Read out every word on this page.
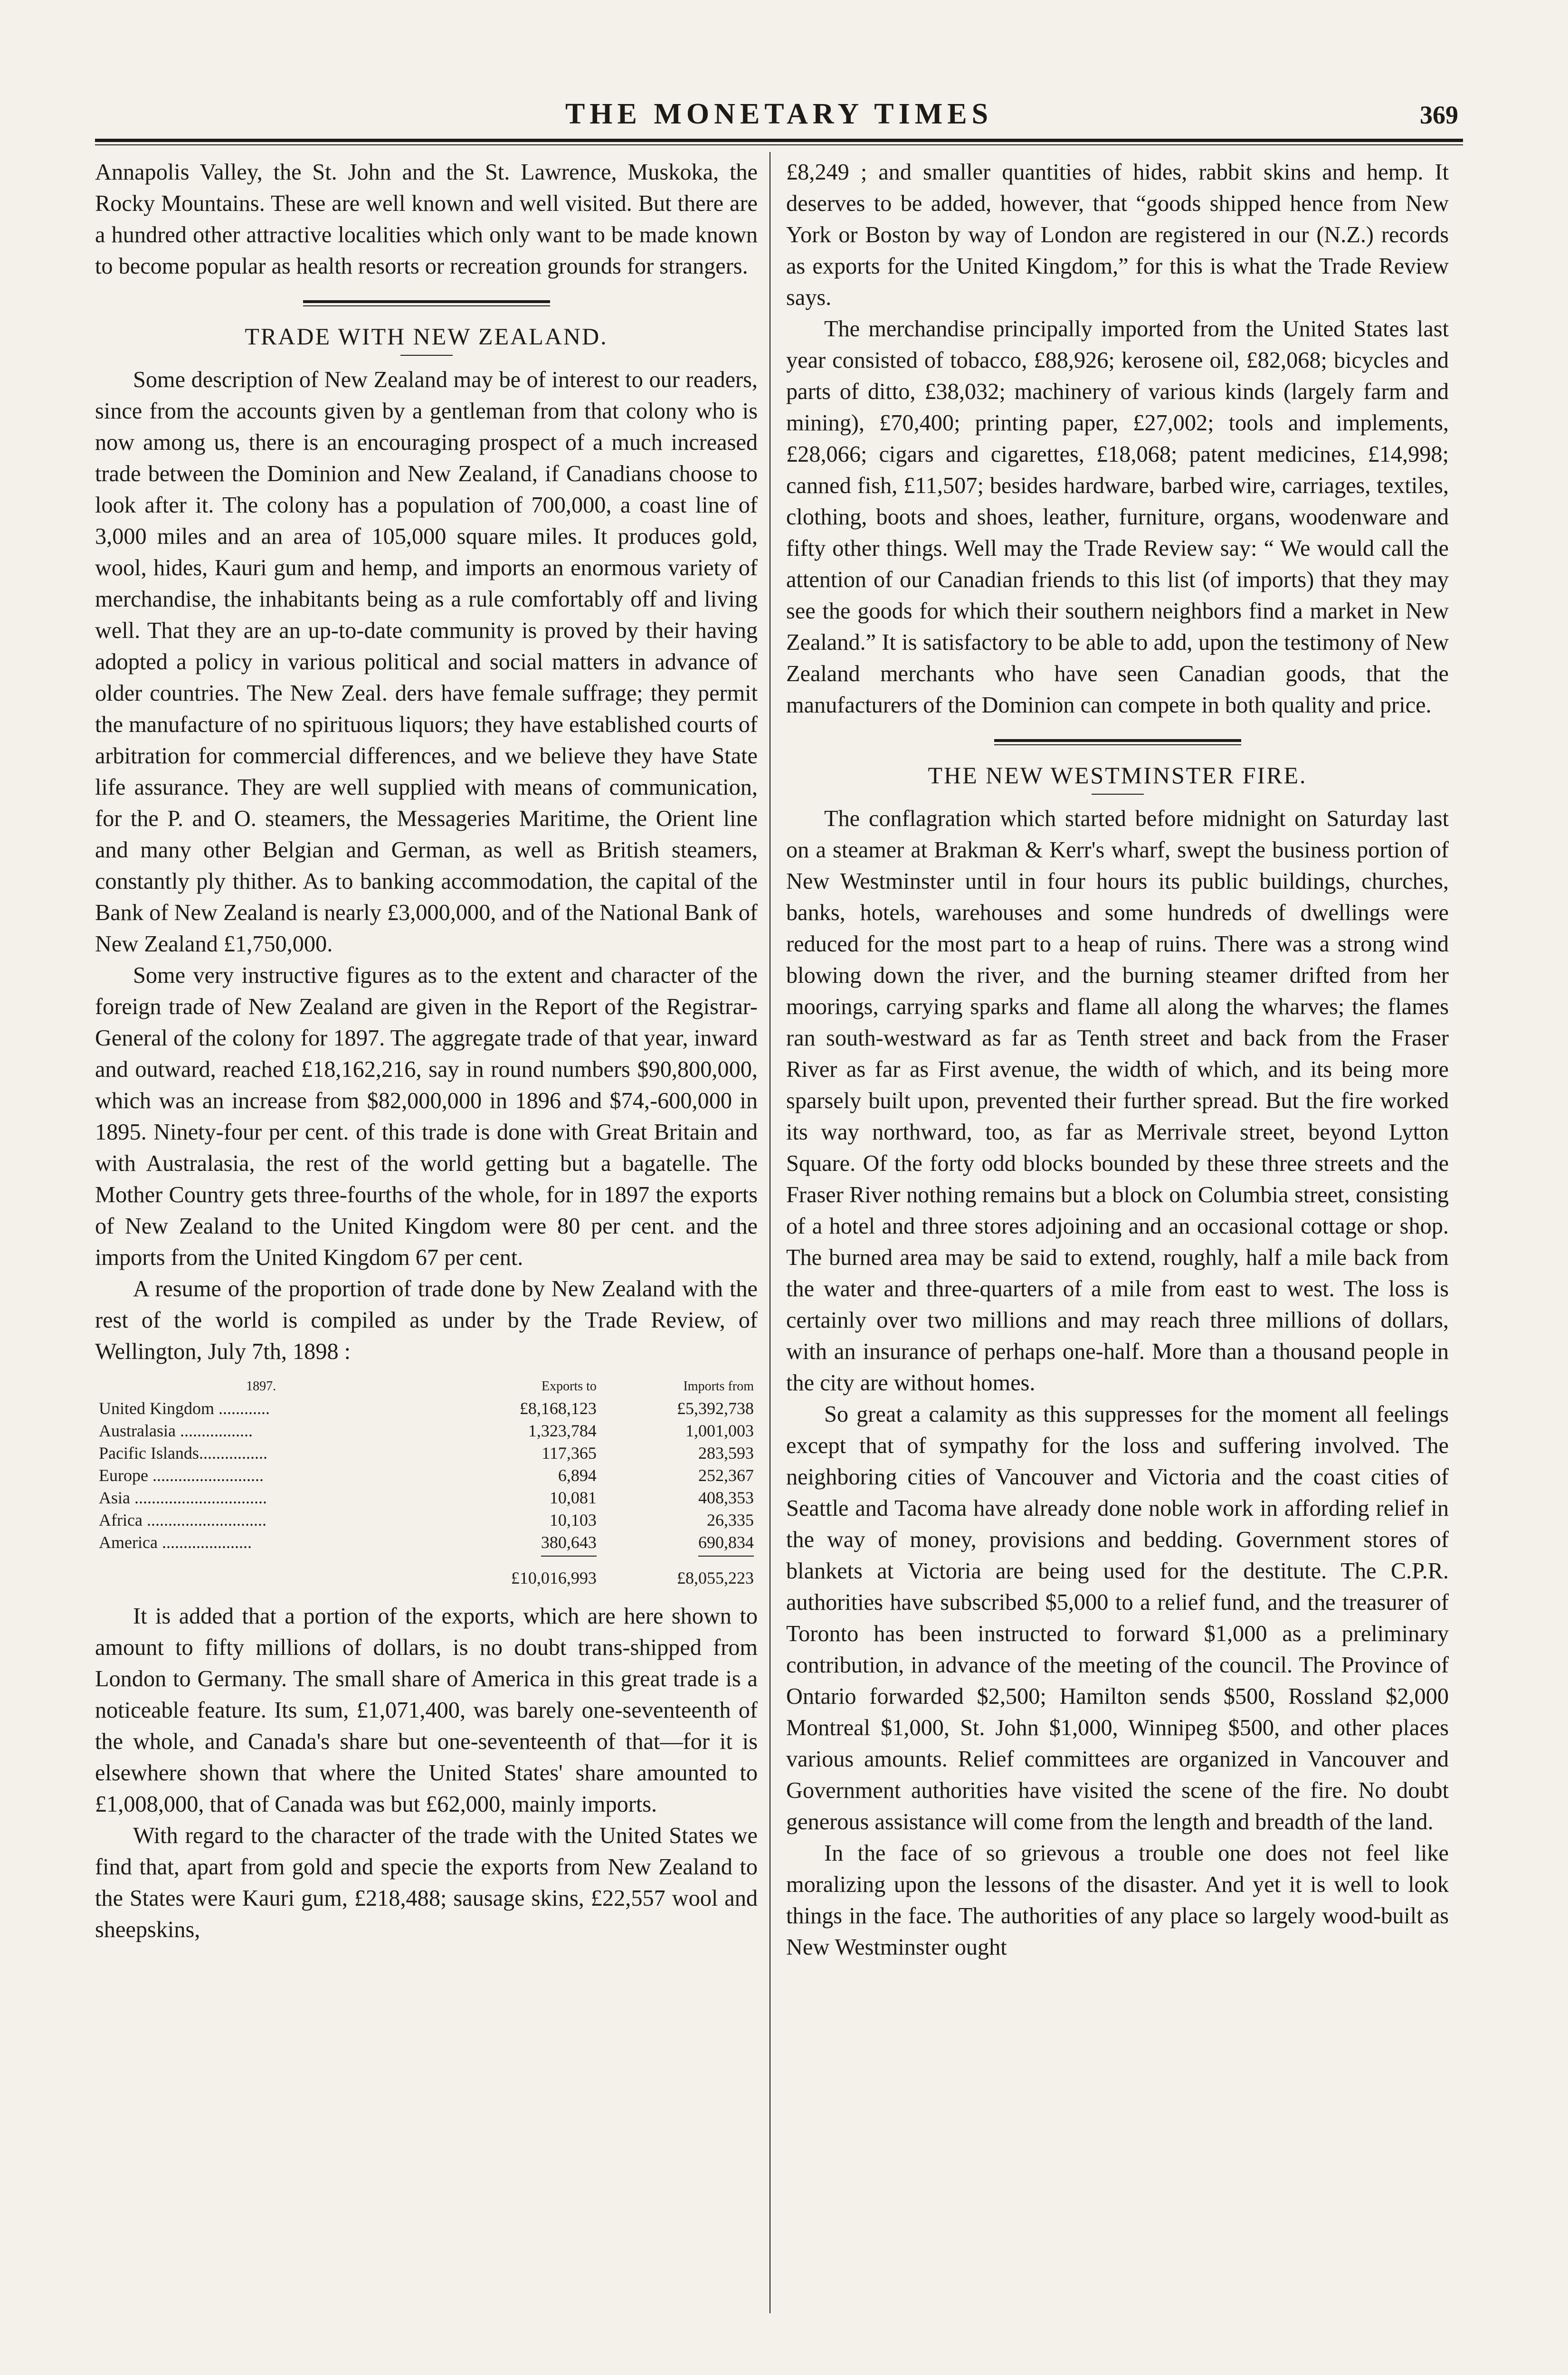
THE MONETARY TIMES	369

Annapolis Valley, the St. John and the St. Lawrence, Muskoka, the Rocky Mountains. These are well known and well visited. But there are a hundred other attractive localities which only want to be made known to become popular as health resorts or recreation grounds for strangers.

TRADE WITH NEW ZEALAND.

Some description of New Zealand may be of interest to our readers, since from the accounts given by a gentleman from that colony who is now among us, there is an encouraging prospect of a much increased trade between the Dominion and New Zealand, if Canadians choose to look after it. The colony has a population of 700,000, a coast line of 3,000 miles and an area of 105,000 square miles. It produces gold, wool, hides, Kauri gum and hemp, and imports an enormous variety of merchandise, the inhabitants being as a rule comfortably off and living well. That they are an up-to-date community is proved by their having adopted a policy in various political and social matters in advance of older countries. The New Zeal. ders have female suffrage; they permit the manufacture of no spirituous liquors; they have established courts of arbitration for commercial differences, and we believe they have State life assurance. They are well supplied with means of communication, for the P. and O. steamers, the Messageries Maritime, the Orient line and many other Belgian and German, as well as British steamers, constantly ply thither. As to banking accommodation, the capital of the Bank of New Zealand is nearly £3,000,000, and of the National Bank of New Zealand £1,750,000.

Some very instructive figures as to the extent and character of the foreign trade of New Zealand are given in the Report of the Registrar-General of the colony for 1897. The aggregate trade of that year, inward and outward, reached £18,162,216, say in round numbers $90,800,000, which was an increase from $82,000,000 in 1896 and $74,-600,000 in 1895. Ninety-four per cent. of this trade is done with Great Britain and with Australasia, the rest of the world getting but a bagatelle. The Mother Country gets three-fourths of the whole, for in 1897 the exports of New Zealand to the United Kingdom were 80 per cent. and the imports from the United Kingdom 67 per cent.

A resume of the proportion of trade done by New Zealand with the rest of the world is compiled as under by the Trade Review, of Wellington, July 7th, 1898 :

1897.	Exports to	Imports from
United Kingdom ............	£8,168,123	£5,392,738
Australasia .................	1,323,784	1,001,003
Pacific Islands................	117,365	283,593
Europe ..........................	6,894	252,367
Asia ...............................	10,081	408,353
Africa ............................	10,103	26,335
America .....................	380,643	690,834
	£10,016,993	£8,055,223

It is added that a portion of the exports, which are here shown to amount to fifty millions of dollars, is no doubt trans-shipped from London to Germany. The small share of America in this great trade is a noticeable feature. Its sum, £1,071,400, was barely one-seventeenth of the whole, and Canada's share but one-seventeenth of that—for it is elsewhere shown that where the United States' share amounted to £1,008,000, that of Canada was but £62,000, mainly imports.

With regard to the character of the trade with the United States we find that, apart from gold and specie the exports from New Zealand to the States were Kauri gum, £218,488; sausage skins, £22,557 wool and sheepskins,

£8,249 ; and smaller quantities of hides, rabbit skins and hemp. It deserves to be added, however, that “goods shipped hence from New York or Boston by way of London are registered in our (N.Z.) records as exports for the United Kingdom,” for this is what the Trade Review says.

The merchandise principally imported from the United States last year consisted of tobacco, £88,926; kerosene oil, £82,068; bicycles and parts of ditto, £38,032; machinery of various kinds (largely farm and mining), £70,400; printing paper, £27,002; tools and implements, £28,066; cigars and cigarettes, £18,068; patent medicines, £14,998; canned fish, £11,507; besides hardware, barbed wire, carriages, textiles, clothing, boots and shoes, leather, furniture, organs, woodenware and fifty other things. Well may the Trade Review say: “ We would call the attention of our Canadian friends to this list (of imports) that they may see the goods for which their southern neighbors find a market in New Zealand.” It is satisfactory to be able to add, upon the testimony of New Zealand merchants who have seen Canadian goods, that the manufacturers of the Dominion can compete in both quality and price.

THE NEW WESTMINSTER FIRE.

The conflagration which started before midnight on Saturday last on a steamer at Brakman & Kerr's wharf, swept the business portion of New Westminster until in four hours its public buildings, churches, banks, hotels, warehouses and some hundreds of dwellings were reduced for the most part to a heap of ruins. There was a strong wind blowing down the river, and the burning steamer drifted from her moorings, carrying sparks and flame all along the wharves; the flames ran south-westward as far as Tenth street and back from the Fraser River as far as First avenue, the width of which, and its being more sparsely built upon, prevented their further spread. But the fire worked its way northward, too, as far as Merrivale street, beyond Lytton Square. Of the forty odd blocks bounded by these three streets and the Fraser River nothing remains but a block on Columbia street, consisting of a hotel and three stores adjoining and an occasional cottage or shop. The burned area may be said to extend, roughly, half a mile back from the water and three-quarters of a mile from east to west. The loss is certainly over two millions and may reach three millions of dollars, with an insurance of perhaps one-half. More than a thousand people in the city are without homes.

So great a calamity as this suppresses for the moment all feelings except that of sympathy for the loss and suffering involved. The neighboring cities of Vancouver and Victoria and the coast cities of Seattle and Tacoma have already done noble work in affording relief in the way of money, provisions and bedding. Government stores of blankets at Victoria are being used for the destitute. The C.P.R. authorities have subscribed $5,000 to a relief fund, and the treasurer of Toronto has been instructed to forward $1,000 as a preliminary contribution, in advance of the meeting of the council. The Province of Ontario forwarded $2,500; Hamilton sends $500, Rossland $2,000 Montreal $1,000, St. John $1,000, Winnipeg $500, and other places various amounts. Relief committees are organized in Vancouver and Government authorities have visited the scene of the fire. No doubt generous assistance will come from the length and breadth of the land.

In the face of so grievous a trouble one does not feel like moralizing upon the lessons of the disaster. And yet it is well to look things in the face. The authorities of any place so largely wood-built as New Westminster ought
